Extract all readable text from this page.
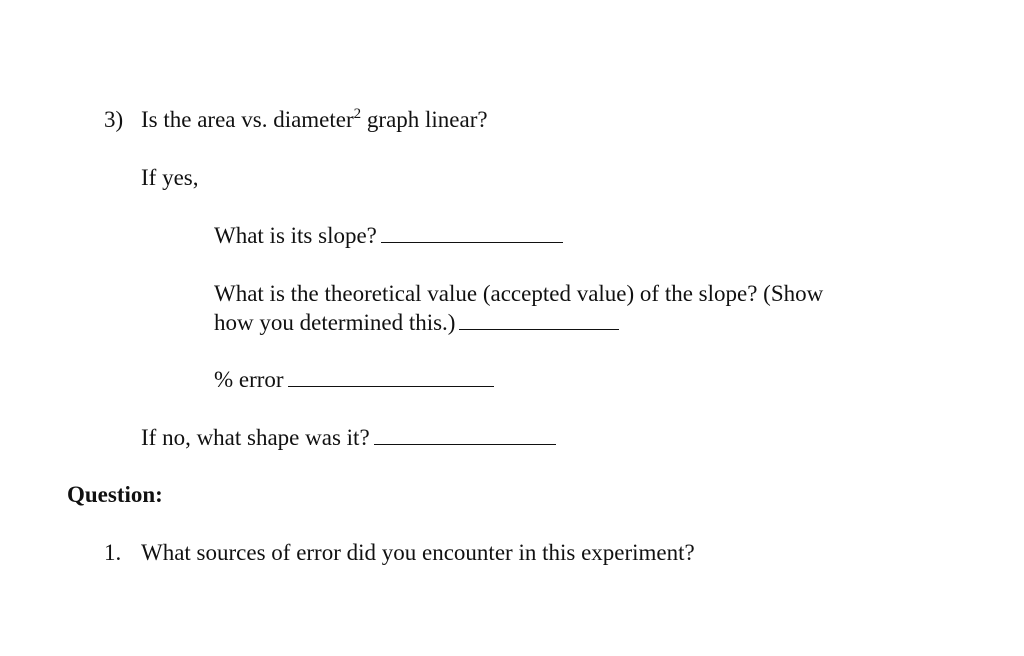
3) Is the area vs. diameter$^2$ graph linear?
If yes,
What is its slope?
What is the theoretical value (accepted value) of the slope? (Show
how you determined this.)
% error
If no, what shape was it?
Question:
1. What sources of error did you encounter in this experiment?
